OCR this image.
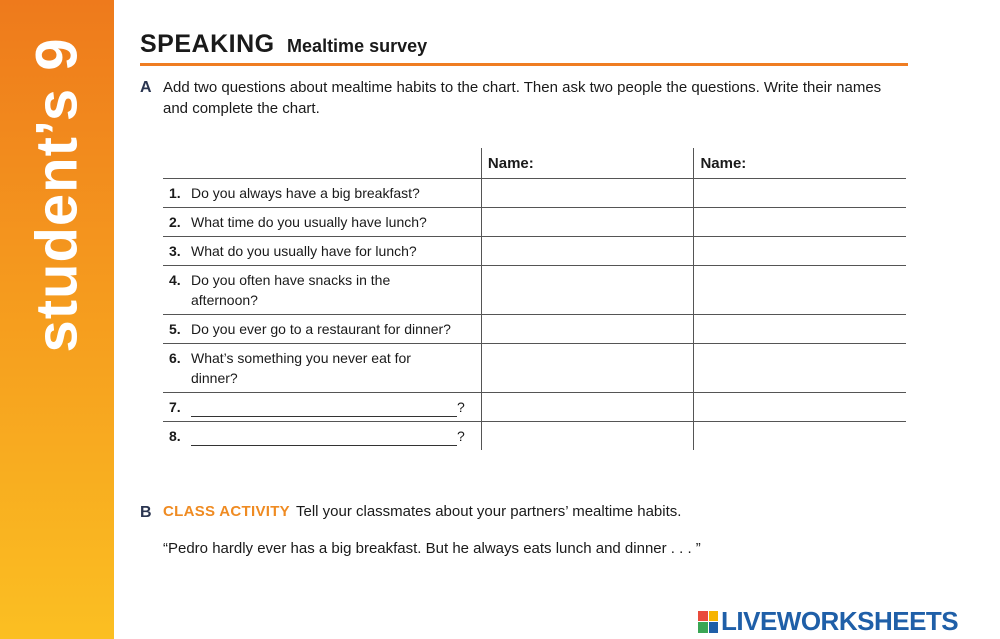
student’s 9 SPEAKING Mealtime survey
A Add two questions about mealtime habits to the chart. Then ask two people the questions. Write their names and complete the chart.
	Name:	Name:
1. Do you always have a big breakfast?		
2. What time do you usually have lunch?		
3. What do you usually have for lunch?		
4. Do you often have snacks in the afternoon?		
5. Do you ever go to a restaurant for dinner?		
6. What’s something you never eat for dinner?		
7. ?		
8. ?		
B CLASS ACTIVITY Tell your classmates about your partners’ mealtime habits.
“Pedro hardly ever has a big breakfast. But he always eats lunch and dinner . . . ”
LIVEWORKSHEETS
